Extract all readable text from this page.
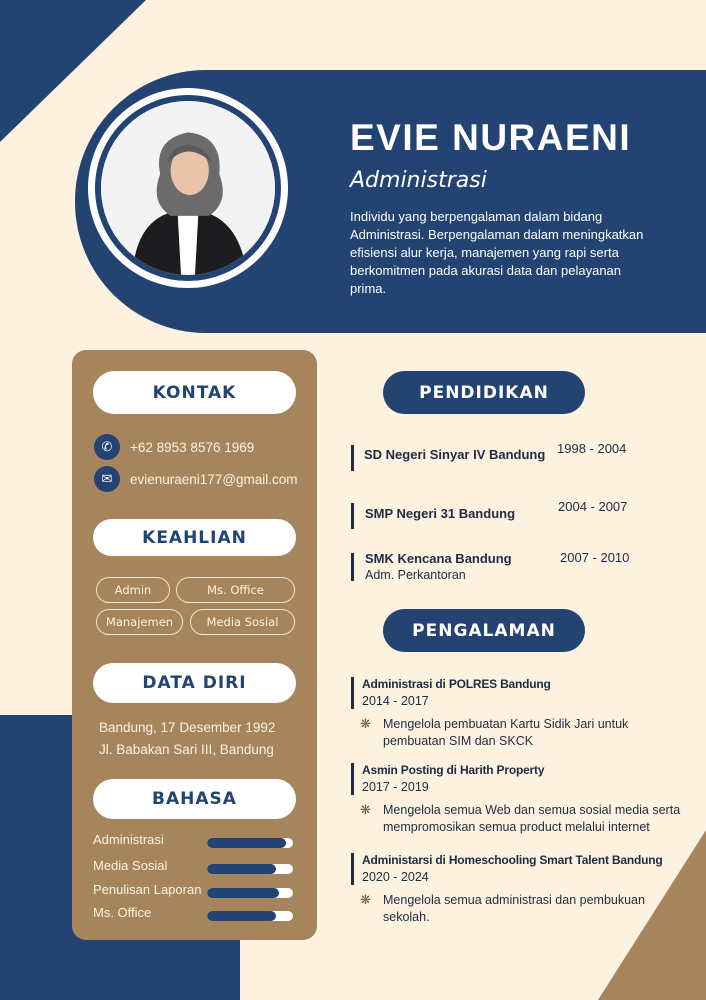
EVIE NURAENI
Administrasi
Individu yang berpengalaman dalam bidang Administrasi. Berpengalaman dalam meningkatkan efisiensi alur kerja, manajemen yang rapi serta berkomitmen pada akurasi data dan pelayanan prima.
KONTAK
✆	+62 8953 8576 1969
✉	evienuraeni177@gmail.com
KEAHLIAN
Admin	Ms. Office
Manajemen	Media Sosial
DATA DIRI
Bandung, 17 Desember 1992
Jl. Babakan Sari III, Bandung
BAHASA
Administrasi
Media Sosial
Penulisan Laporan
Ms. Office
PENDIDIKAN
SD Negeri Sinyar IV Bandung 1998 - 2004
SMP Negeri 31 Bandung	2004 - 2007
SMK Kencana Bandung
Adm. Perkantoran
2007 - 2010
PENGALAMAN
Administrasi di POLRES Bandung
2014 - 2017
❋ Mengelola pembuatan Kartu Sidik Jari untuk
pembuatan SIM dan SKCK
Asmin Posting di Harith Property
2017 - 2019
❋ Mengelola semua Web dan semua sosial media serta
mempromosikan semua product melalui internet
Administarsi di Homeschooling Smart Talent Bandung
2020 - 2024
❋ Mengelola semua administrasi dan pembukuan
sekolah.
